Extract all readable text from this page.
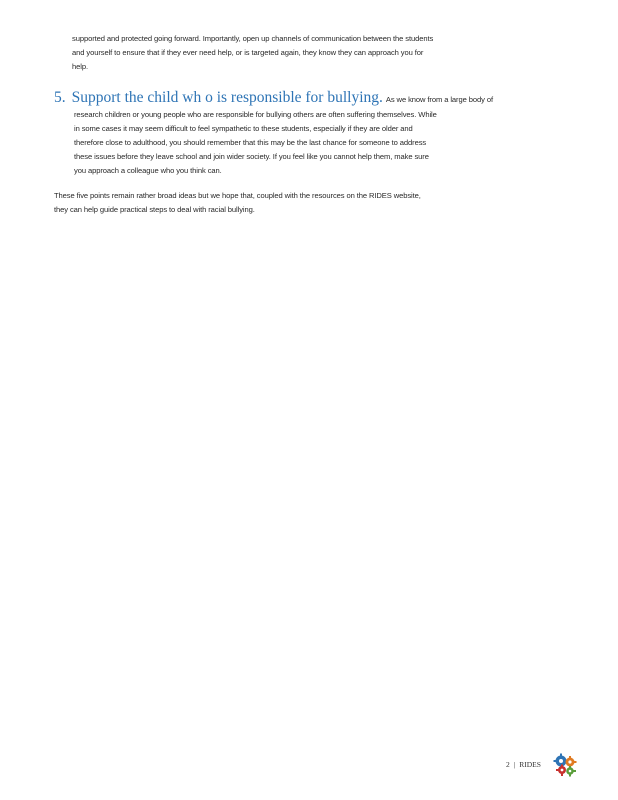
supported and protected going forward. Importantly, open up channels of communication between the students
and yourself to ensure that if they ever need help, or is targeted again, they know they can approach you for
help.
5. Support the child wh o is responsible for bullying. As we know from a large body of
research children or young people who are responsible for bullying others are often suffering themselves. While
in some cases it may seem difficult to feel sympathetic to these students, especially if they are older and
therefore close to adulthood, you should remember that this may be the last chance for someone to address
these issues before they leave school and join wider society. If you feel like you cannot help them, make sure
you approach a colleague who you think can.
These five points remain rather broad ideas but we hope that, coupled with the resources on the RIDES website,
they can help guide practical steps to deal with racial bullying.
2 | RIDES
